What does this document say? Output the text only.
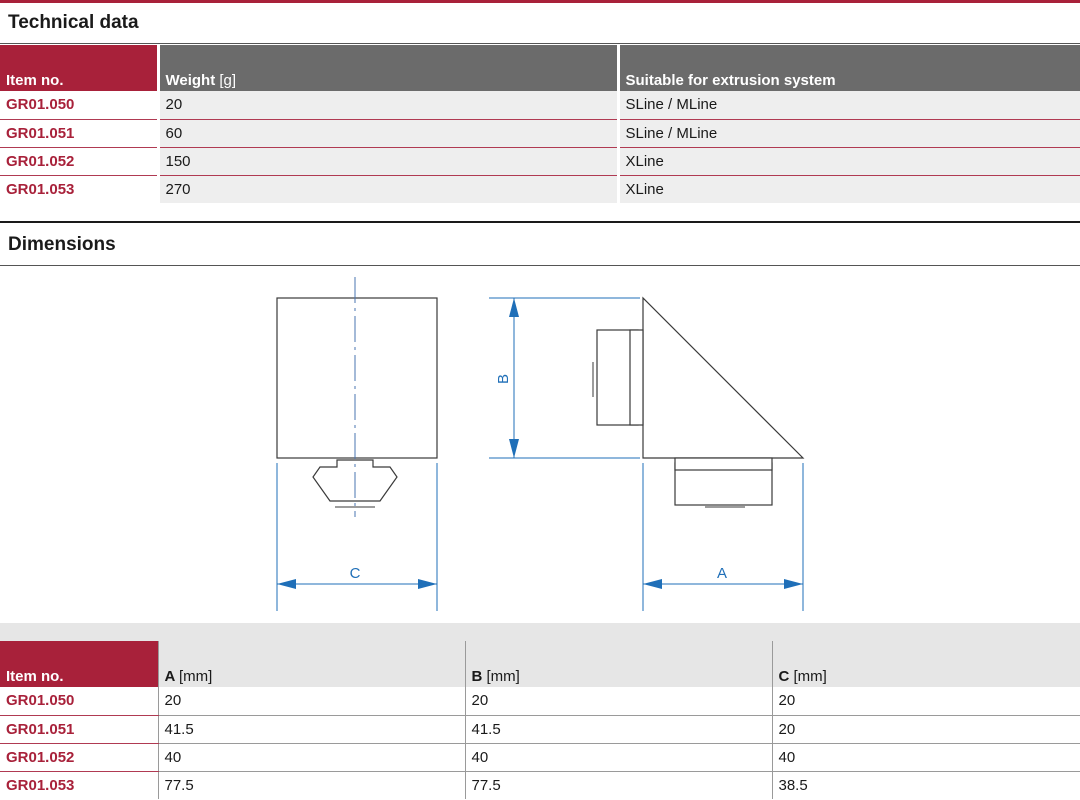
Technical data
Item no.	Weight [g]	Suitable for extrusion system
GR01.050	20	SLine / MLine
GR01.051	60	SLine / MLine
GR01.052	150	XLine
GR01.053	270	XLine
Dimensions
C
B
A
Item no.	A [mm]	B [mm]	C [mm]
GR01.050	20	20	20
GR01.051	41.5	41.5	20
GR01.052	40	40	40
GR01.053	77.5	77.5	38.5
